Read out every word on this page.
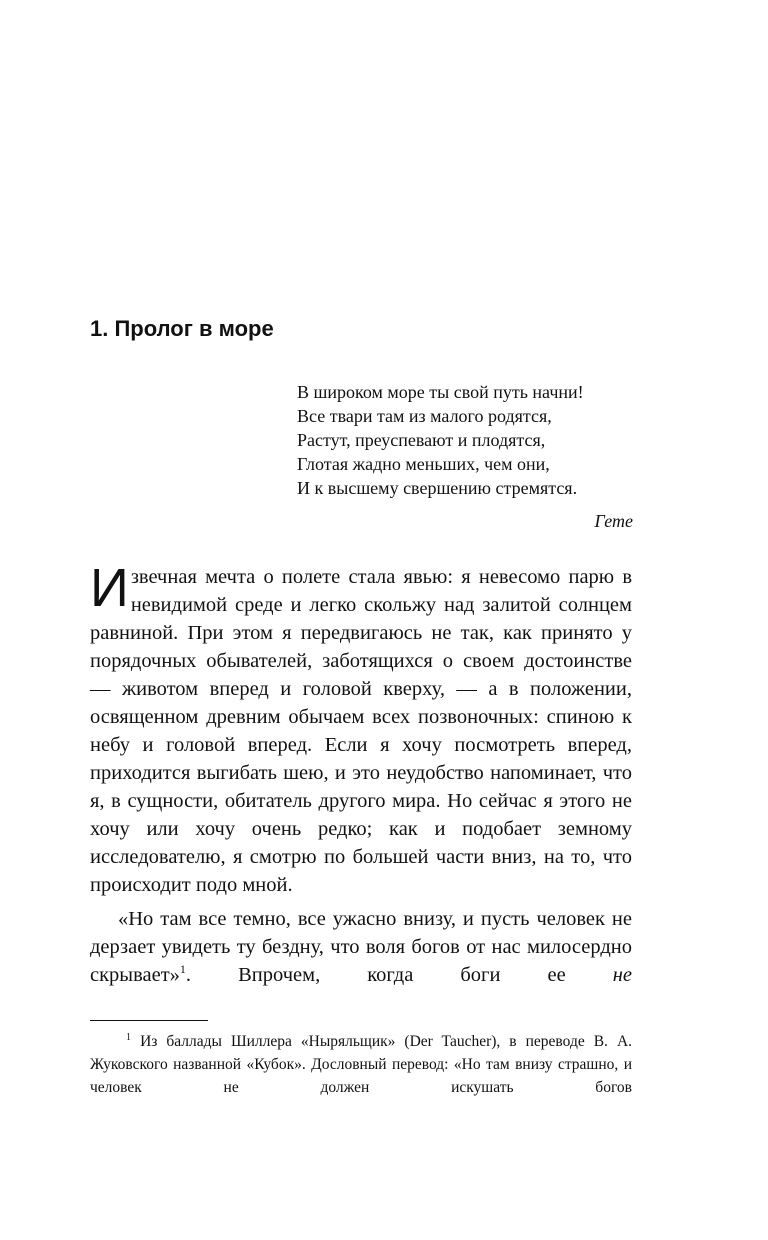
1. Пролог в море
В широком море ты свой путь начни!
Все твари там из малого родятся,
Растут, преуспевают и плодятся,
Глотая жадно меньших, чем они,
И к высшему свершению стремятся.
Гете

Извечная мечта о полете стала явью: я невесомо парю в невидимой среде и легко скольжу над залитой солнцем равниной. При этом я передвигаюсь не так, как принято у порядочных обывателей, заботящихся о своем достоинстве — животом вперед и головой кверху, — а в положении, освященном древним обычаем всех позвоночных: спиною к небу и головой вперед. Если я хочу посмотреть вперед, приходится выгибать шею, и это неудобство напоминает, что я, в сущности, обитатель другого мира. Но сейчас я этого не хочу или хочу очень редко; как и подобает земному исследователю, я смотрю по большей части вниз, на то, что происходит подо мной.

«Но там все темно, все ужасно внизу, и пусть человек не дерзает увидеть ту бездну, что воля богов от нас милосердно скрывает»$^1$. Впрочем, когда боги ее не

$^1$ Из баллады Шиллера «Ныряльщик» (Der Taucher), в переводе В. А. Жуковского названной «Кубок». Дословный перевод: «Но там внизу страшно, и человек не должен искушать богов
